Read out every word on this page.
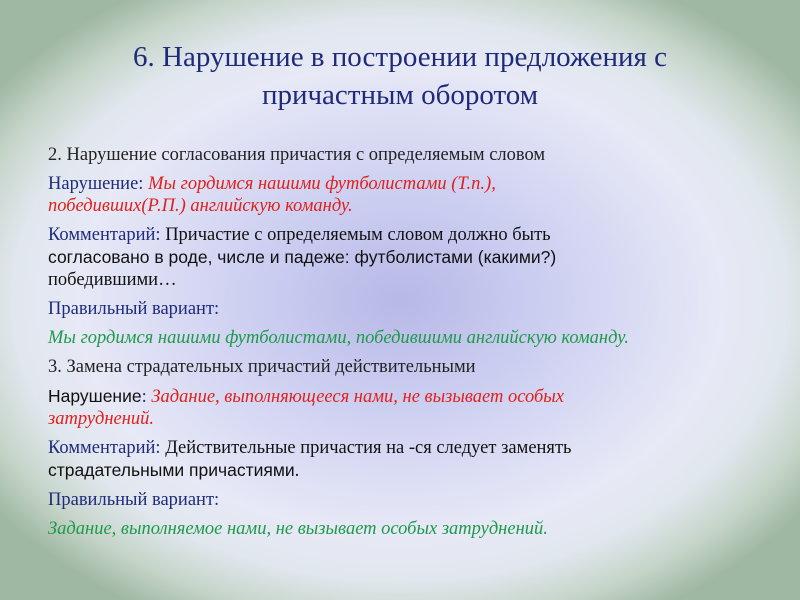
6. Нарушение в построении предложения с
причастным оборотом
2. Нарушение согласования причастия с определяемым словом
Нарушение: Мы гордимся нашими футболистами (Т.п.),
победивших(Р.П.) английскую команду.
Комментарий: Причастие с определяемым словом должно быть
согласовано в роде, числе и падеже: футболистами (какими?)
победившими…
Правильный вариант:
Мы гордимся нашими футболистами, победившими английскую команду.
3. Замена страдательных причастий действительными
Нарушение: Задание, выполняющееся нами, не вызывает особых
затруднений.
Комментарий: Действительные причастия на -ся следует заменять
страдательными причастиями.
Правильный вариант:
Задание, выполняемое нами, не вызывает особых затруднений.
